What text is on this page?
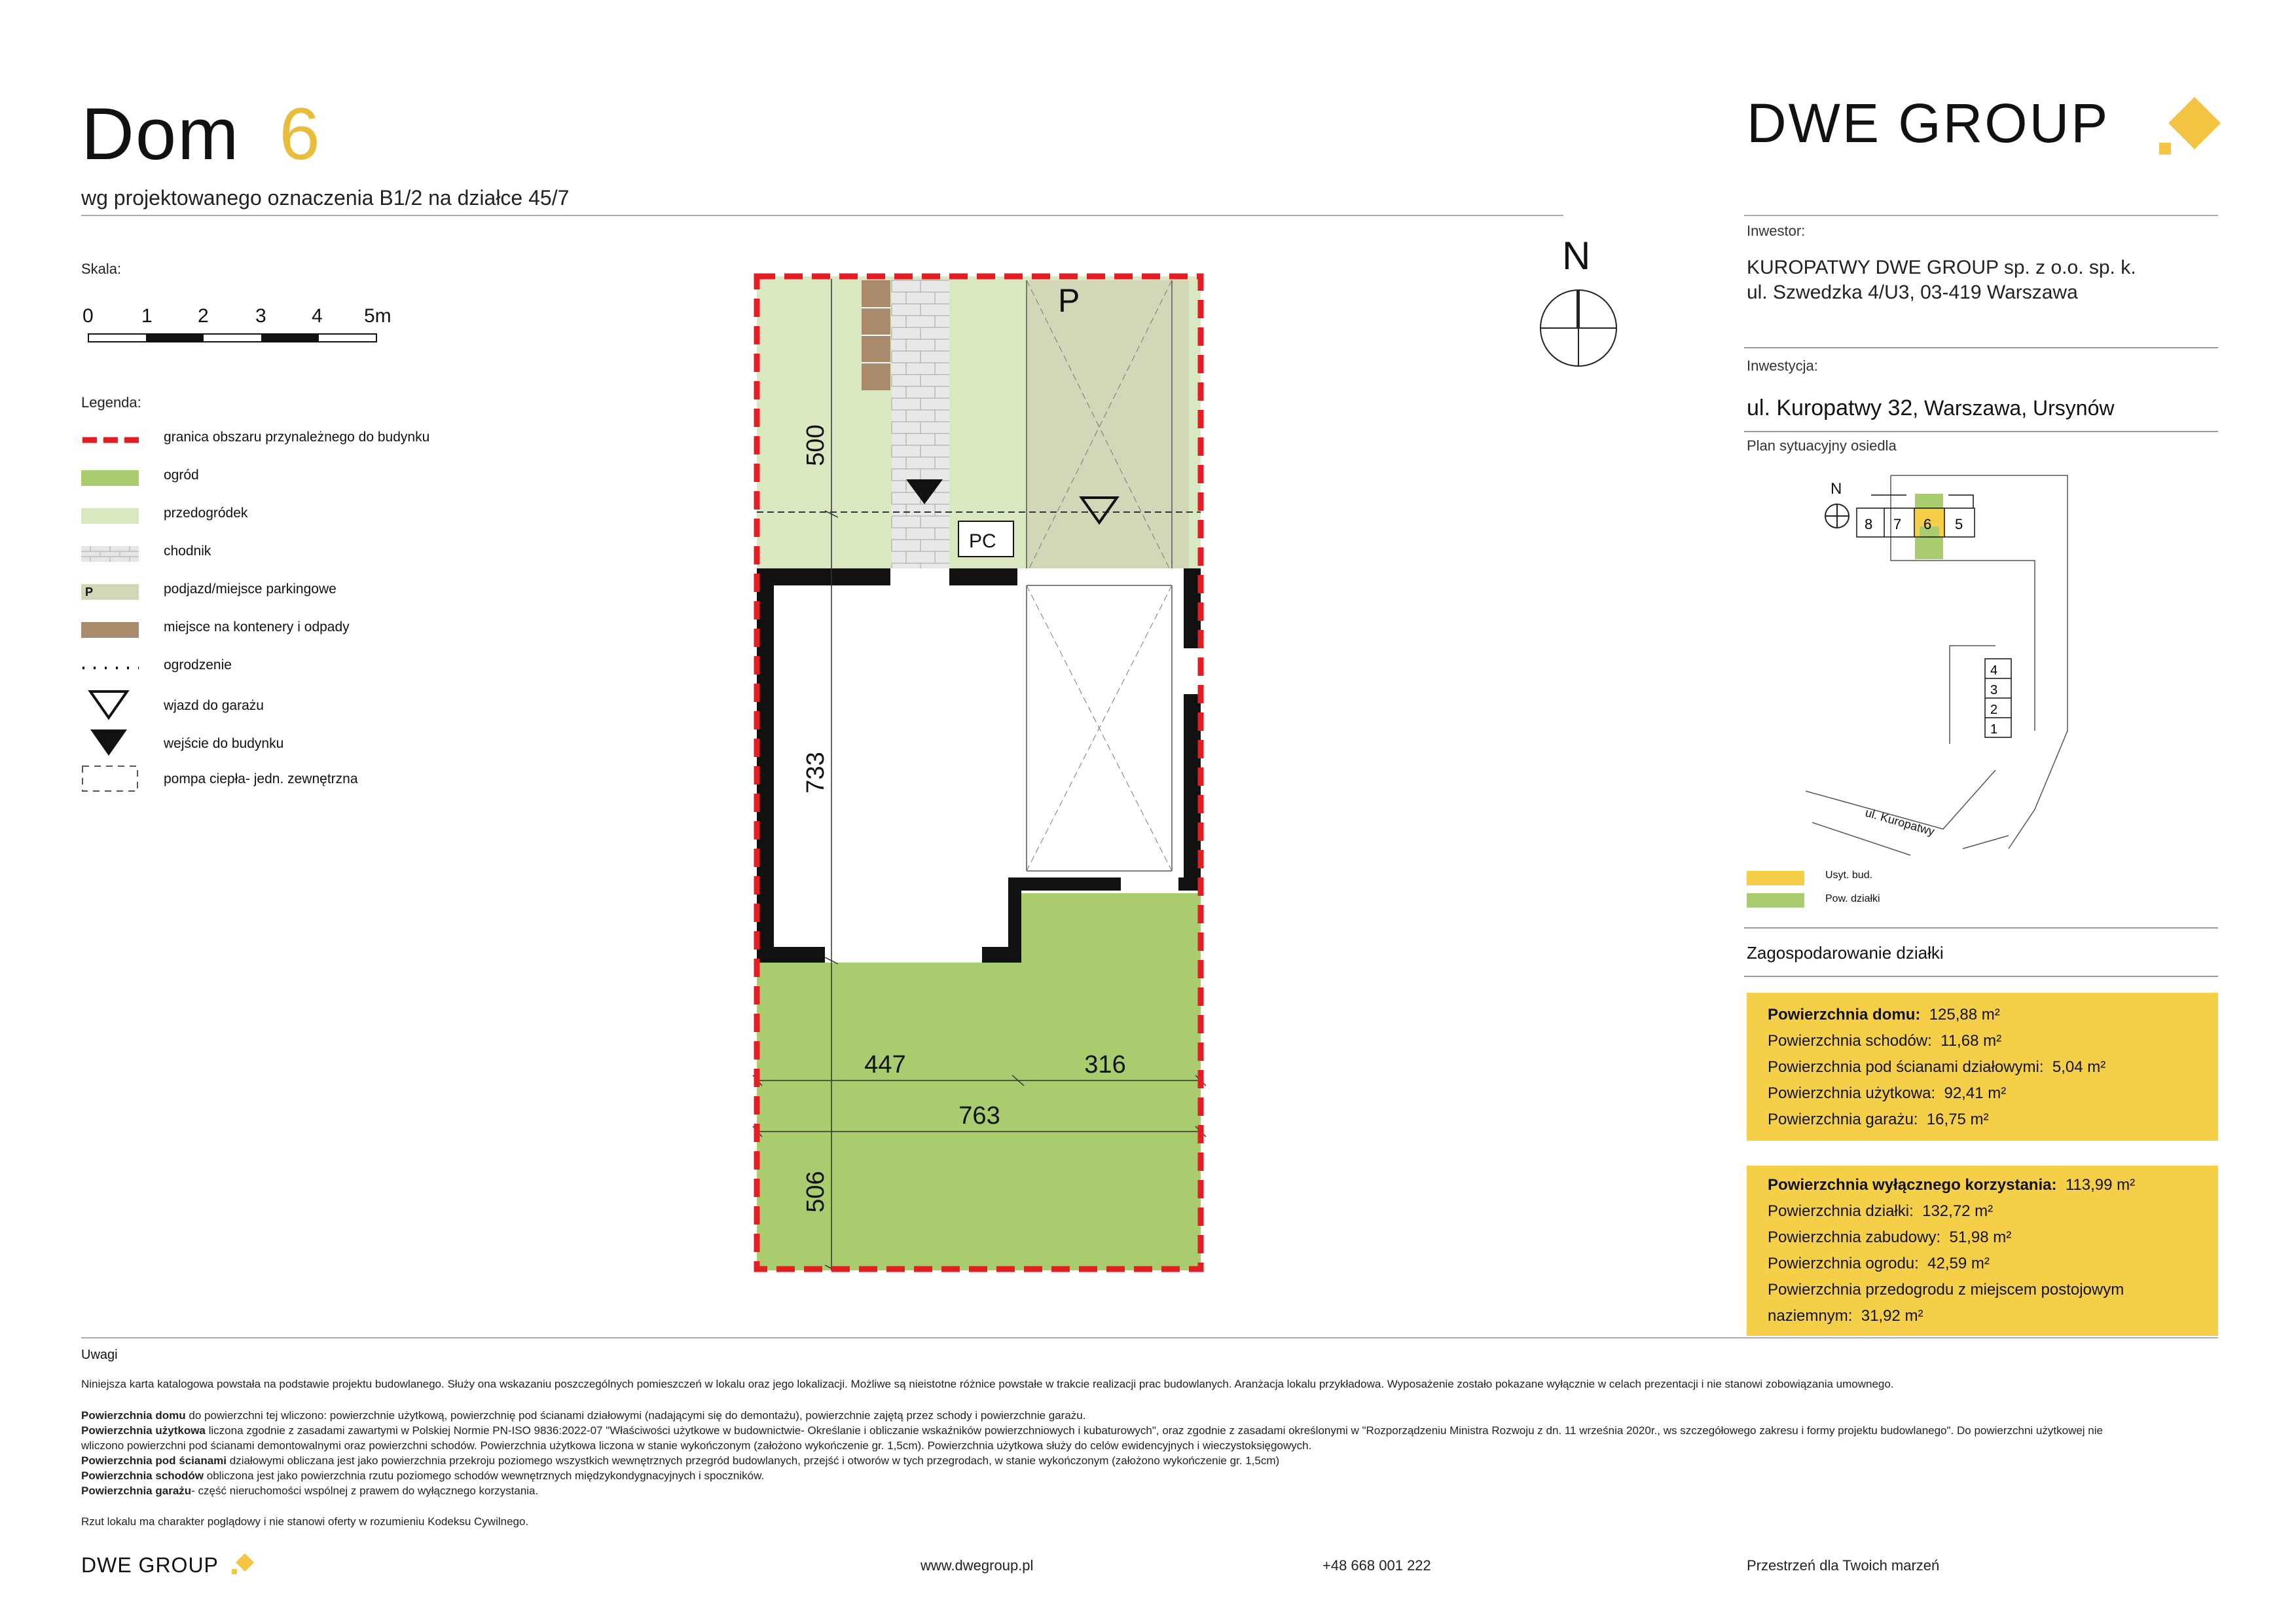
Dom 6
wg projektowanego oznaczenia B1/2 na działce 45/7
DWE GROUP
Skala:
0 1 2 3 4 5m
Legenda:
granica obszaru przynależnego do budynku
ogród
przedogródek
chodnik
P	podjazd/miejsce parkingowe
miejsce na kontenery i odpady
ogrodzenie
wjazd do garażu
wejście do budynku
pompa ciepła- jedn. zewnętrzna
N
P
PC
500
733
506
447	316
763
Inwestor:
KUROPATWY DWE GROUP sp. z o.o. sp. k.
ul. Szwedzka 4/U3, 03-419 Warszawa
Inwestycja:
ul. Kuropatwy 32, Warszawa, Ursynów
Plan sytuacyjny osiedla
N
8 7 6 5
4
3
2
1
ul. Kuropatwy
Usyt. bud.
Pow. działki
Zagospodarowanie działki
Powierzchnia domu: 125,88 m²
Powierzchnia schodów: 11,68 m²
Powierzchnia pod ścianami działowymi: 5,04 m²
Powierzchnia użytkowa: 92,41 m²
Powierzchnia garażu: 16,75 m²
Powierzchnia wyłącznego korzystania: 113,99 m²
Powierzchnia działki: 132,72 m²
Powierzchnia zabudowy: 51,98 m²
Powierzchnia ogrodu: 42,59 m²
Powierzchnia przedogrodu z miejscem postojowym
naziemnym: 31,92 m²
Uwagi
Niniejsza karta katalogowa powstała na podstawie projektu budowlanego. Służy ona wskazaniu poszczególnych pomieszczeń w lokalu oraz jego lokalizacji. Możliwe są nieistotne różnice powstałe w trakcie realizacji prac budowlanych. Aranżacja lokalu przykładowa. Wyposażenie zostało pokazane wyłącznie w celach prezentacji i nie stanowi zobowiązania umownego.
Powierzchnia domu do powierzchni tej wliczono: powierzchnie użytkową, powierzchnię pod ścianami działowymi (nadającymi się do demontażu), powierzchnie zajętą przez schody i powierzchnie garażu.
Powierzchnia użytkowa liczona zgodnie z zasadami zawartymi w Polskiej Normie PN-ISO 9836:2022-07 "Właściwości użytkowe w budownictwie- Określanie i obliczanie wskaźników powierzchniowych i kubaturowych", oraz zgodnie z zasadami określonymi w "Rozporządzeniu Ministra Rozwoju z dn. 11 września 2020r., ws szczegółowego zakresu i formy projektu budowlanego". Do powierzchni użytkowej nie wliczono powierzchni pod ścianami demontowalnymi oraz powierzchni schodów. Powierzchnia użytkowa liczona w stanie wykończonym (założono wykończenie gr. 1,5cm). Powierzchnia użytkowa służy do celów ewidencyjnych i wieczystoksięgowych.
Powierzchnia pod ścianami działowymi obliczana jest jako powierzchnia przekroju poziomego wszystkich wewnętrznych przegród budowlanych, przejść i otworów w tych przegrodach, w stanie wykończonym (założono wykończenie gr. 1,5cm)
Powierzchnia schodów obliczona jest jako powierzchnia rzutu poziomego schodów wewnętrznych międzykondygnacyjnych i spoczników.
Powierzchnia garażu- część nieruchomości wspólnej z prawem do wyłącznego korzystania.
Rzut lokalu ma charakter poglądowy i nie stanowi oferty w rozumieniu Kodeksu Cywilnego.
DWE GROUP	www.dwegroup.pl	+48 668 001 222	Przestrzeń dla Twoich marzeń
